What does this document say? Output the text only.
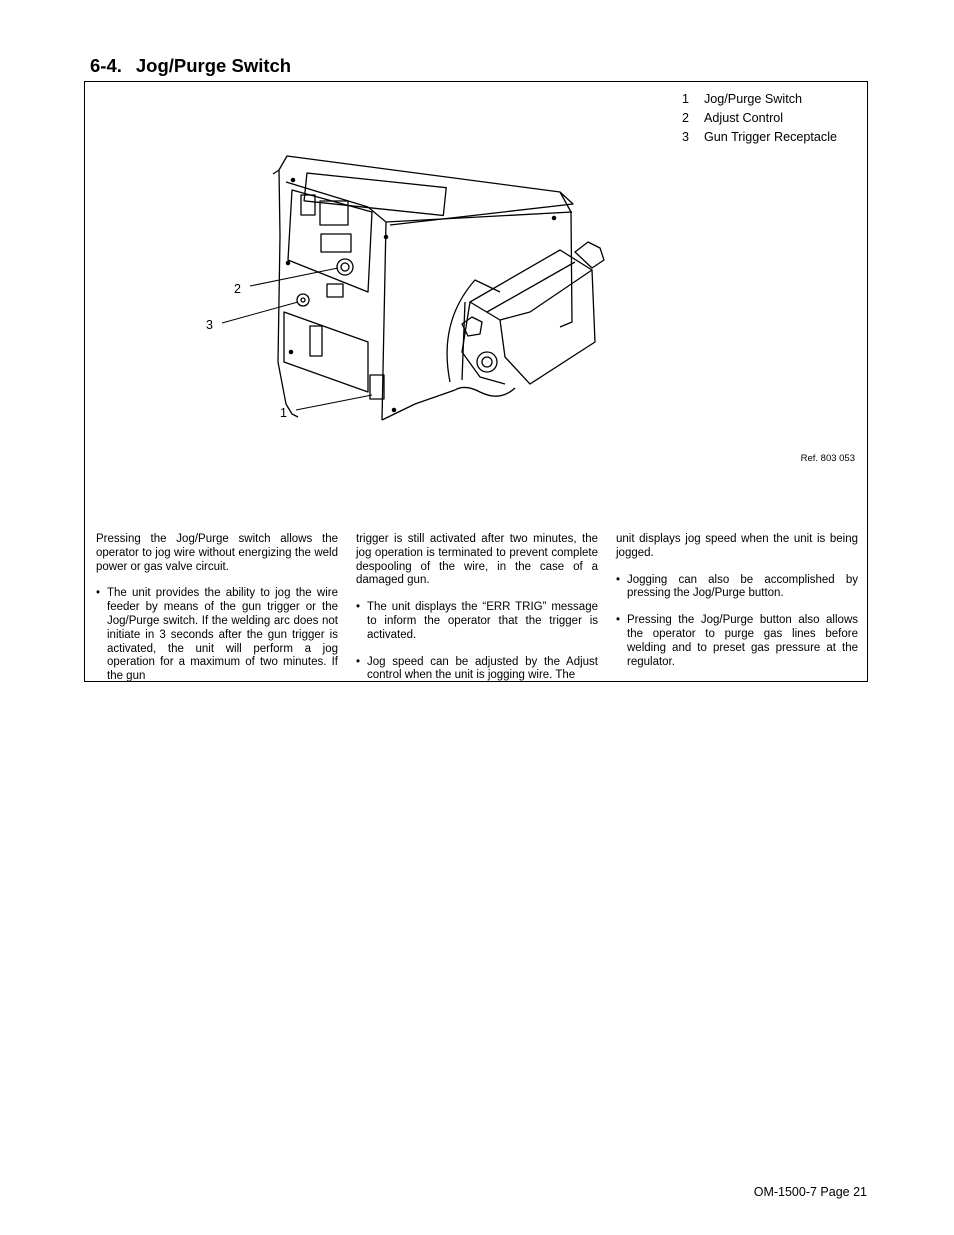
6-4. Jog/Purge Switch
1	Jog/Purge Switch
2	Adjust Control
3	Gun Trigger Receptacle
2
3
1
Ref. 803 053

Pressing the Jog/Purge switch allows the operator to jog wire without energizing the weld power or gas valve circuit.

• The unit provides the ability to jog the wire feeder by means of the gun trigger or the Jog/Purge switch. If the welding arc does not initiate in 3 seconds after the gun trigger is activated, the unit will perform a jog operation for a maximum of two minutes. If the gun

trigger is still activated after two minutes, the jog operation is terminated to prevent complete despooling of the wire, in the case of a damaged gun.

• The unit displays the “ERR TRIG” message to inform the operator that the trigger is activated.
• Jog speed can be adjusted by the Adjust control when the unit is jogging wire. The

unit displays jog speed when the unit is being jogged.

• Jogging can also be accomplished by pressing the Jog/Purge button.
• Pressing the Jog/Purge button also allows the operator to purge gas lines before welding and to preset gas pressure at the regulator.
OM-1500-7 Page 21
